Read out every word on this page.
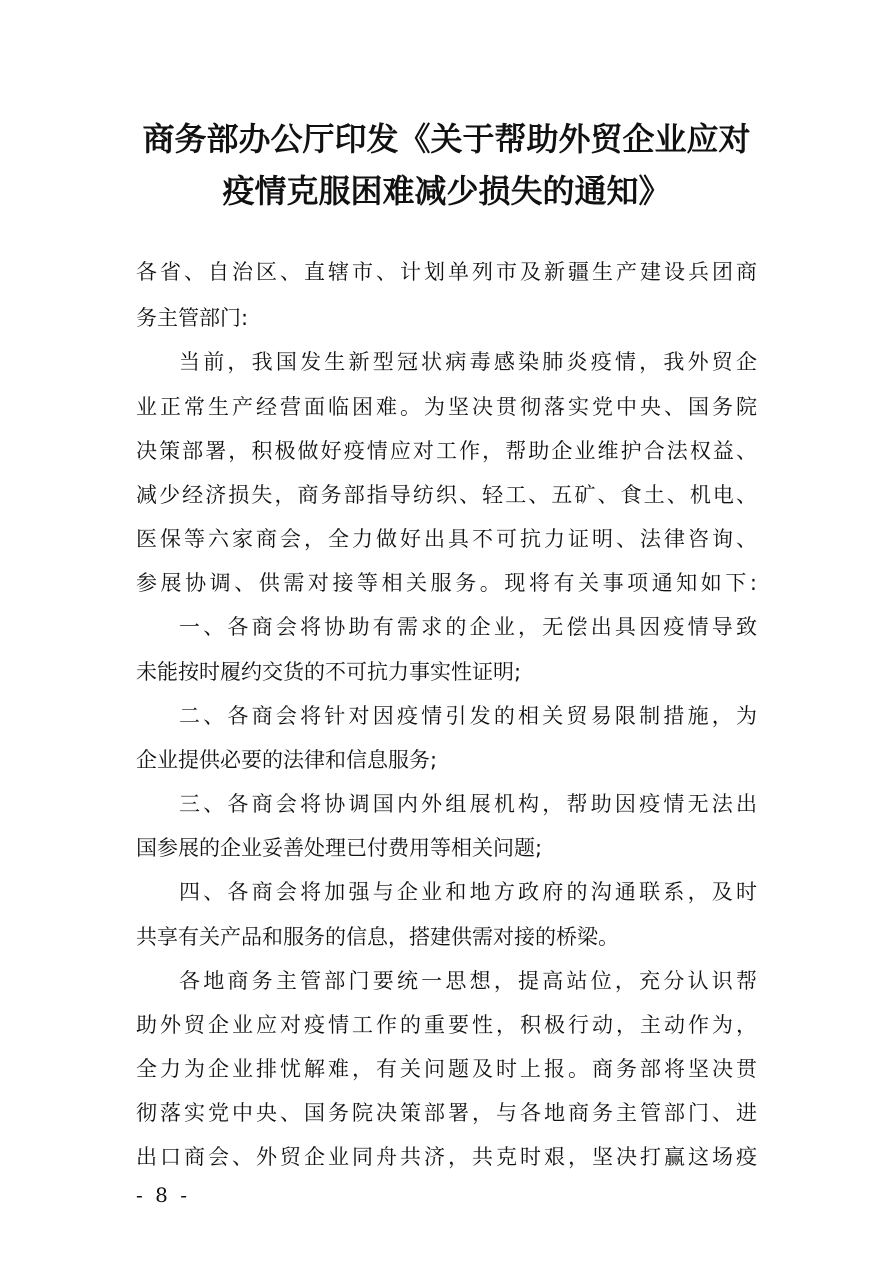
商务部办公厅印发《关于帮助外贸企业应对
疫情克服困难减少损失的通知》
各省、自治区、直辖市、计划单列市及新疆生产建设兵团商
务主管部门:
当前，我国发生新型冠状病毒感染肺炎疫情，我外贸企
业正常生产经营面临困难。为坚决贯彻落实党中央、国务院
决策部署，积极做好疫情应对工作，帮助企业维护合法权益、
减少经济损失，商务部指导纺织、轻工、五矿、食土、机电、
医保等六家商会，全力做好出具不可抗力证明、法律咨询、
参展协调、供需对接等相关服务。现将有关事项通知如下:
一、各商会将协助有需求的企业，无偿出具因疫情导致
未能按时履约交货的不可抗力事实性证明;
二、各商会将针对因疫情引发的相关贸易限制措施，为
企业提供必要的法律和信息服务;
三、各商会将协调国内外组展机构，帮助因疫情无法出
国参展的企业妥善处理已付费用等相关问题;
四、各商会将加强与企业和地方政府的沟通联系，及时
共享有关产品和服务的信息，搭建供需对接的桥梁。
各地商务主管部门要统一思想，提高站位，充分认识帮
助外贸企业应对疫情工作的重要性，积极行动，主动作为，
全力为企业排忧解难，有关问题及时上报。商务部将坚决贯
彻落实党中央、国务院决策部署，与各地商务主管部门、进
出口商会、外贸企业同舟共济，共克时艰，坚决打赢这场疫
- 8 -
